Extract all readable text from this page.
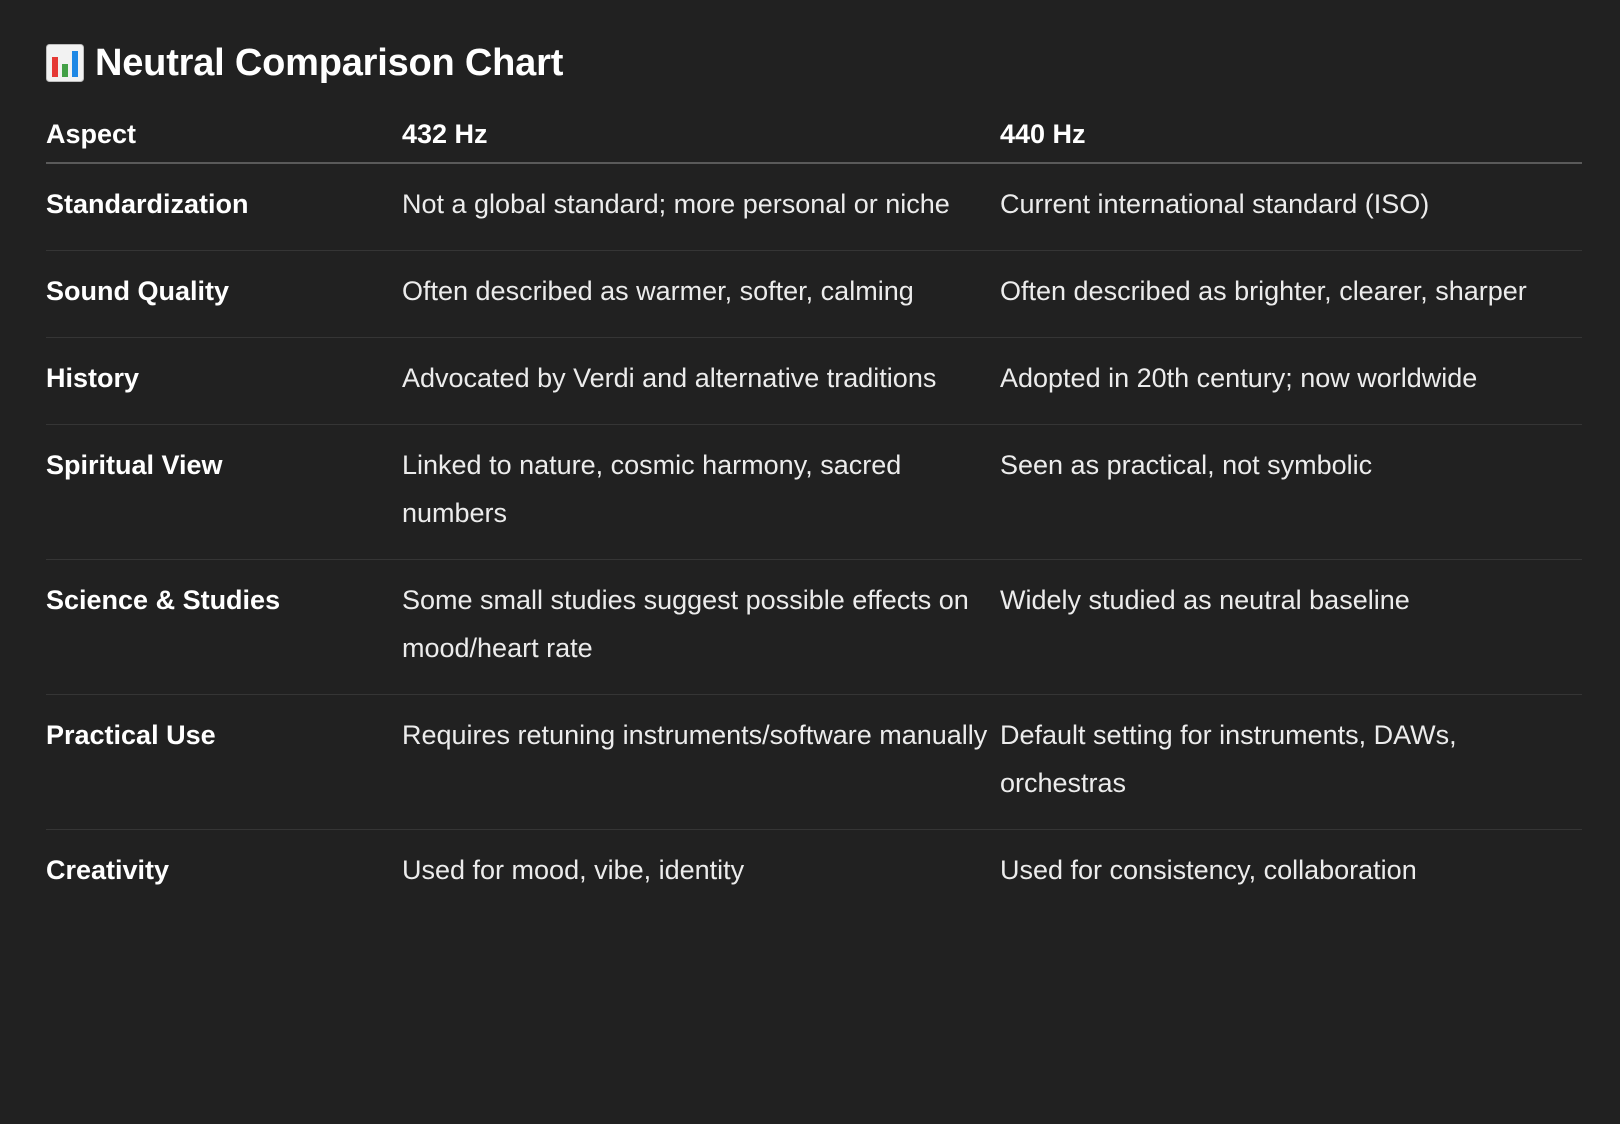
Neutral Comparison Chart
Aspect	432 Hz	440 Hz
Standardization	Not a global standard; more personal or niche	Current international standard (ISO)
Sound Quality	Often described as warmer, softer, calming	Often described as brighter, clearer, sharper
History	Advocated by Verdi and alternative traditions	Adopted in 20th century; now worldwide
Spiritual View	Linked to nature, cosmic harmony, sacred numbers	Seen as practical, not symbolic
Science & Studies	Some small studies suggest possible effects on mood/heart rate	Widely studied as neutral baseline
Practical Use	Requires retuning instruments/software manually	Default setting for instruments, DAWs, orchestras
Creativity	Used for mood, vibe, identity	Used for consistency, collaboration
